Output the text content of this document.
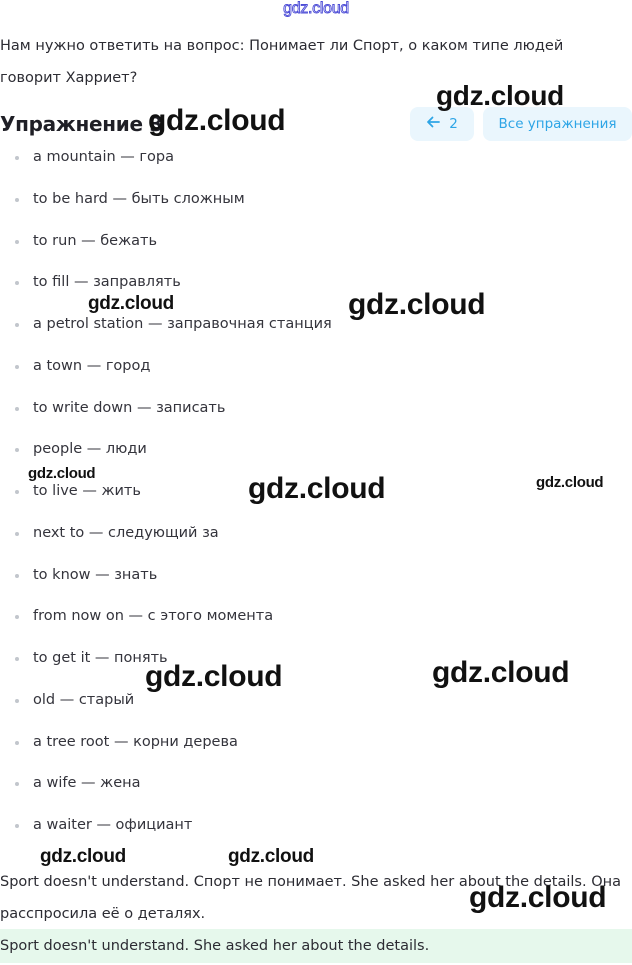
gdz.cloud
Нам нужно ответить на вопрос: Понимает ли Спорт, о каком типе людей говорит Харриет?
Упражнение 3	2	Все упражнения
a mountain — гора
to be hard — быть сложным
to run — бежать
to fill — заправлять
a petrol station — заправочная станция
a town — город
to write down — записать
people — люди
to live — жить
next to — следующий за
to know — знать
from now on — с этого момента
to get it — понять
old — старый
a tree root — корни дерева
a wife — жена
a waiter — официант
Sport doesn't understand. Спорт не понимает. She asked her about the details. Она расспросила её о деталях.
Sport doesn't understand. She asked her about the details.
gdz.cloud
gdz.cloud
gdz.cloud	gdz.cloud
gdz.cloud	gdz.cloud	gdz.cloud
gdz.cloud	gdz.cloud
gdz.cloud	gdz.cloud
gdz.cloud
